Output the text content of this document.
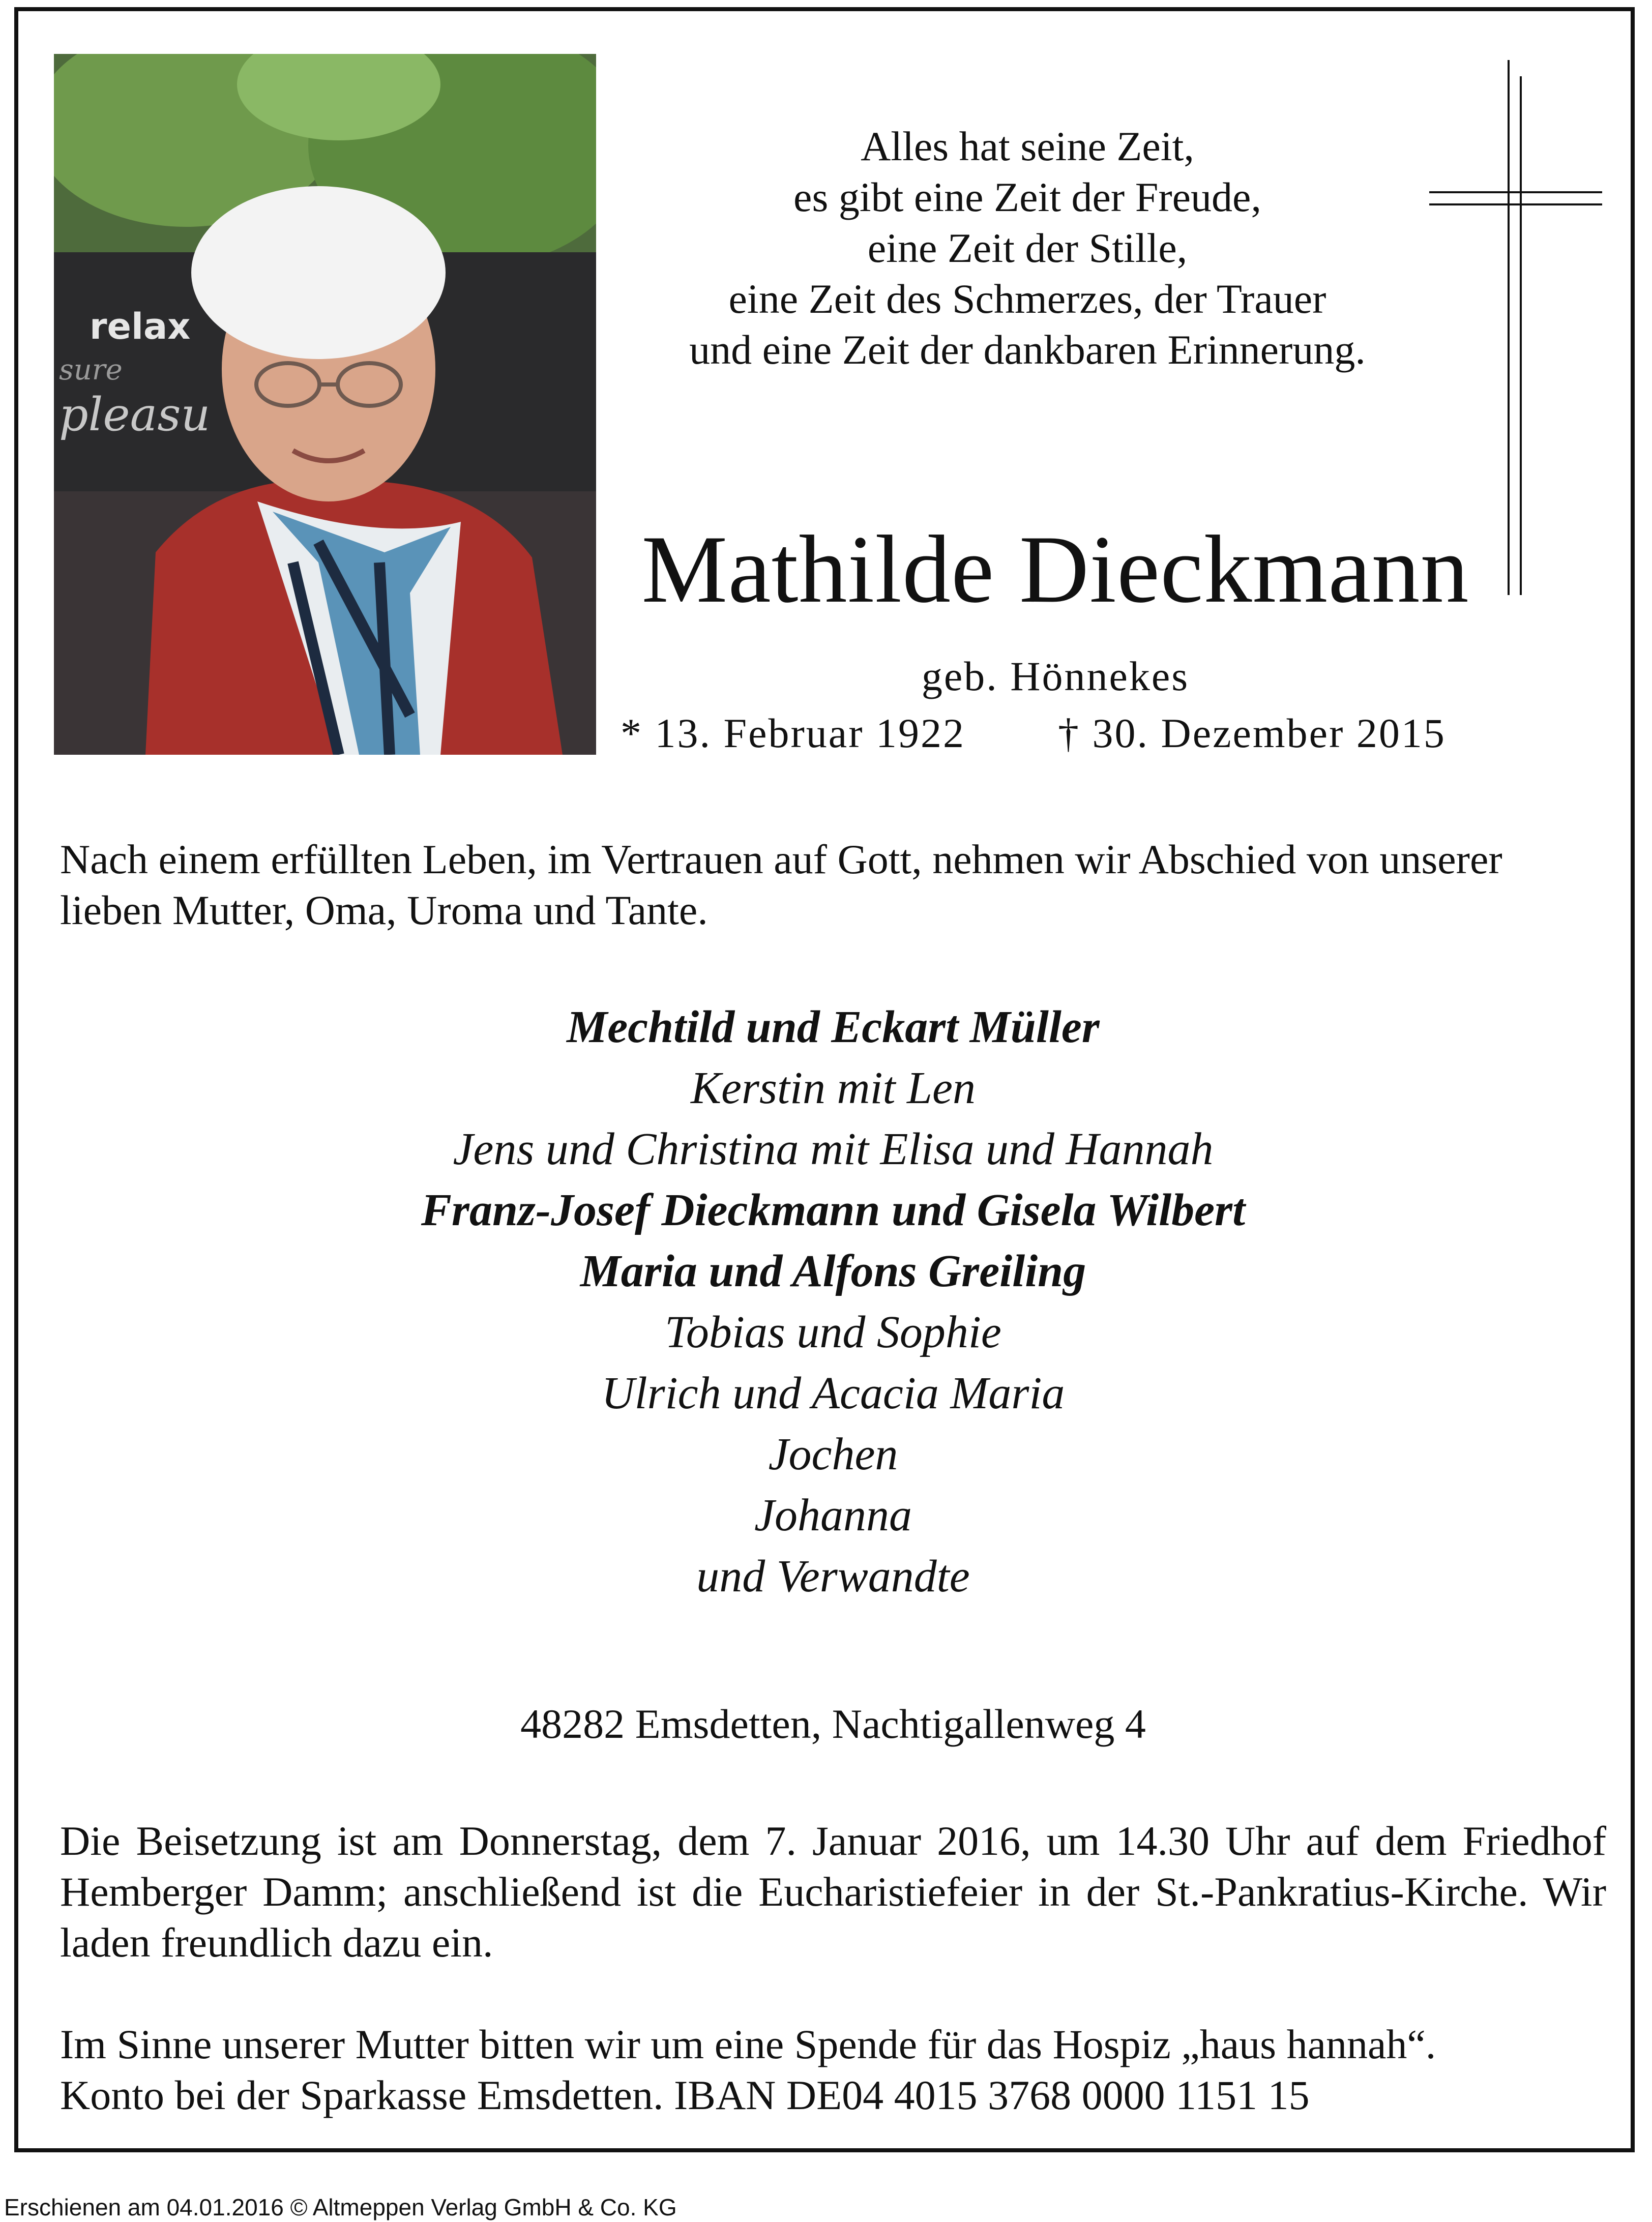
relax
sure
pleasu
Alles hat seine Zeit,
es gibt eine Zeit der Freude,
eine Zeit der Stille,
eine Zeit des Schmerzes, der Trauer
und eine Zeit der dankbaren Erinnerung.
Mathilde Dieckmann
geb. Hönnekes
* 13. Februar 1922 † 30. Dezember 2015
Nach einem erfüllten Leben, im Vertrauen auf Gott, nehmen wir Abschied von unserer lieben Mutter, Oma, Uroma und Tante.
Mechtild und Eckart Müller
Kerstin mit Len
Jens und Christina mit Elisa und Hannah
Franz-Josef Dieckmann und Gisela Wilbert
Maria und Alfons Greiling
Tobias und Sophie
Ulrich und Acacia Maria
Jochen
Johanna
und Verwandte
48282 Emsdetten, Nachtigallenweg 4
Die Beisetzung ist am Donnerstag, dem 7. Januar 2016, um 14.30 Uhr auf dem Friedhof Hemberger Damm; anschließend ist die Eucharistiefeier in der St.-Pankratius-Kirche. Wir laden freundlich dazu ein.
Im Sinne unserer Mutter bitten wir um eine Spende für das Hospiz „haus hannah“.
Konto bei der Sparkasse Emsdetten. IBAN DE04 4015 3768 0000 1151 15
Erschienen am 04.01.2016 © Altmeppen Verlag GmbH & Co. KG
